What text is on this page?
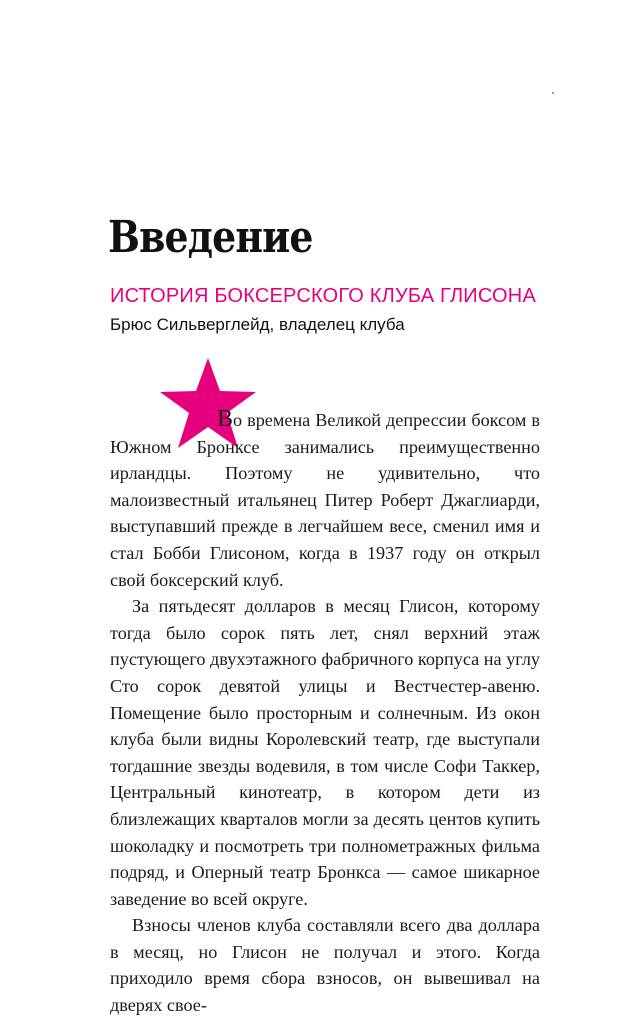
Введение
ИСТОРИЯ БОКСЕРСКОГО КЛУБА ГЛИСОНА
Брюс Сильверглейд, владелец клуба

Во времена Великой депрессии боксом в Южном Бронксе занимались преимущественно ирландцы. Поэтому не удивительно, что малоизвестный итальянец Питер Роберт Джаглиарди, выступавший прежде в легчайшем весе, сменил имя и стал Бобби Глисоном, когда в 1937 году он открыл свой боксерский клуб.

За пятьдесят долларов в месяц Глисон, которому тогда было сорок пять лет, снял верхний этаж пустующего двухэтажного фабричного корпуса на углу Сто сорок девятой улицы и Вестчестер-авеню. Помещение было просторным и солнечным. Из окон клуба были видны Королевский театр, где выступали тогдашние звезды водевиля, в том числе Софи Таккер, Центральный кинотеатр, в котором дети из близлежащих кварталов могли за десять центов купить шоколадку и посмотреть три полнометражных фильма подряд, и Оперный театр Бронкса — самое шикарное заведение во всей округе.

Взносы членов клуба составляли всего два доллара в месяц, но Глисон не получал и этого. Когда приходило время сбора взносов, он вывешивал на дверях свое-
